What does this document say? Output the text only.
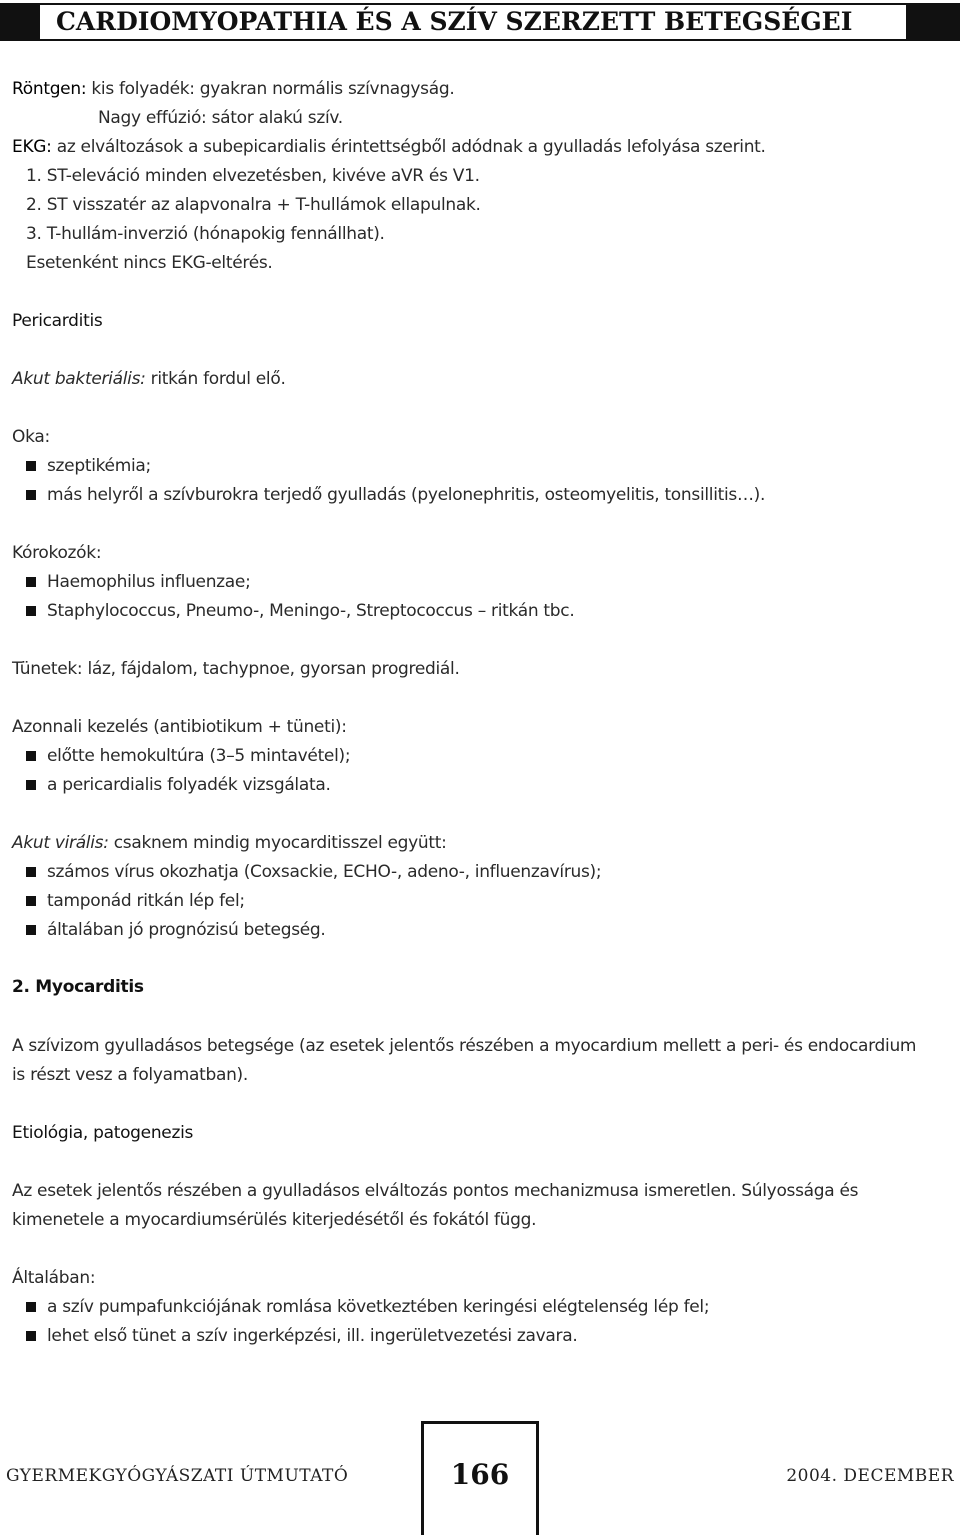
CARDIOMYOPATHIA ÉS A SZÍV SZERZETT BETEGSÉGEI
Röntgen: kis folyadék: gyakran normális szívnagyság.
Nagy effúzió: sátor alakú szív.
EKG: az elváltozások a subepicardialis érintettségből adódnak a gyulladás lefolyása szerint.
1. ST-eleváció minden elvezetésben, kivéve aVR és V1.
2. ST visszatér az alapvonalra + T-hullámok ellapulnak.
3. T-hullám-inverzió (hónapokig fennállhat).
Esetenként nincs EKG-eltérés.
Pericarditis
Akut bakteriális: ritkán fordul elő.
Oka:
szeptikémia;
más helyről a szívburokra terjedő gyulladás (pyelonephritis, osteomyelitis, tonsillitis…).
Kórokozók:
Haemophilus influenzae;
Staphylococcus, Pneumo-, Meningo-, Streptococcus – ritkán tbc.
Tünetek: láz, fájdalom, tachypnoe, gyorsan progrediál.
Azonnali kezelés (antibiotikum + tüneti):
előtte hemokultúra (3–5 mintavétel);
a pericardialis folyadék vizsgálata.
Akut virális: csaknem mindig myocarditisszel együtt:
számos vírus okozhatja (Coxsackie, ECHO-, adeno-, influenzavírus);
tamponád ritkán lép fel;
általában jó prognózisú betegség.
2. Myocarditis
A szívizom gyulladásos betegsége (az esetek jelentős részében a myocardium mellett a peri- és endocardium
is részt vesz a folyamatban).
Etiológia, patogenezis
Az esetek jelentős részében a gyulladásos elváltozás pontos mechanizmusa ismeretlen. Súlyossága és
kimenetele a myocardiumsérülés kiterjedésétől és fokától függ.
Általában:
a szív pumpafunkciójának romlása következtében keringési elégtelenség lép fel;
lehet első tünet a szív ingerképzési, ill. ingerületvezetési zavara.
GYERMEKGYÓGYÁSZATI ÚTMUTATÓ	166	2004. DECEMBER
